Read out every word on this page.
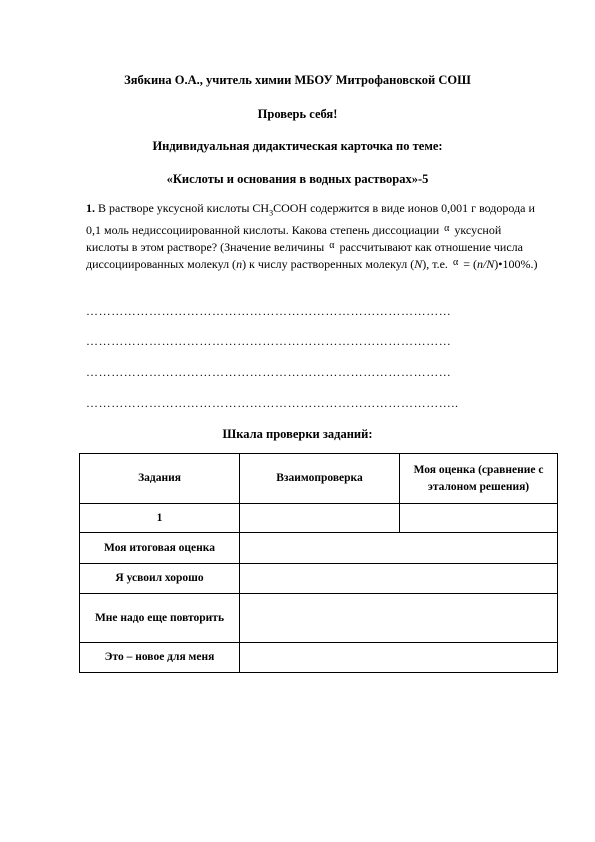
Зябкина О.А., учитель химии МБОУ Митрофановской СОШ
Проверь себя!
Индивидуальная дидактическая карточка по теме:
«Кислоты и основания в водных растворах»-5
1. В растворе уксусной кислоты $CH_3COOH$ содержится в виде ионов 0,001 г водорода и 0,1 моль недиссоциированной кислоты. Какова степень диссоциации $^\alpha$ уксусной кислоты в этом растворе? (Значение величины $^\alpha$ рассчитывают как отношение числа диссоциированных молекул (n) к числу растворенных молекул (N), т.е. $^\alpha$ = (n/N)•100%.)
……………………………………………………………………………
……………………………………………………………………………
……………………………………………………………………………
……………………………………………………………………………..
Шкала проверки заданий:
Задания	Взаимопроверка	Моя оценка (сравнение с эталоном решения)
1		
Моя итоговая оценка		
Я усвоил хорошо		
Мне надо еще повторить		
Это – новое для меня		
